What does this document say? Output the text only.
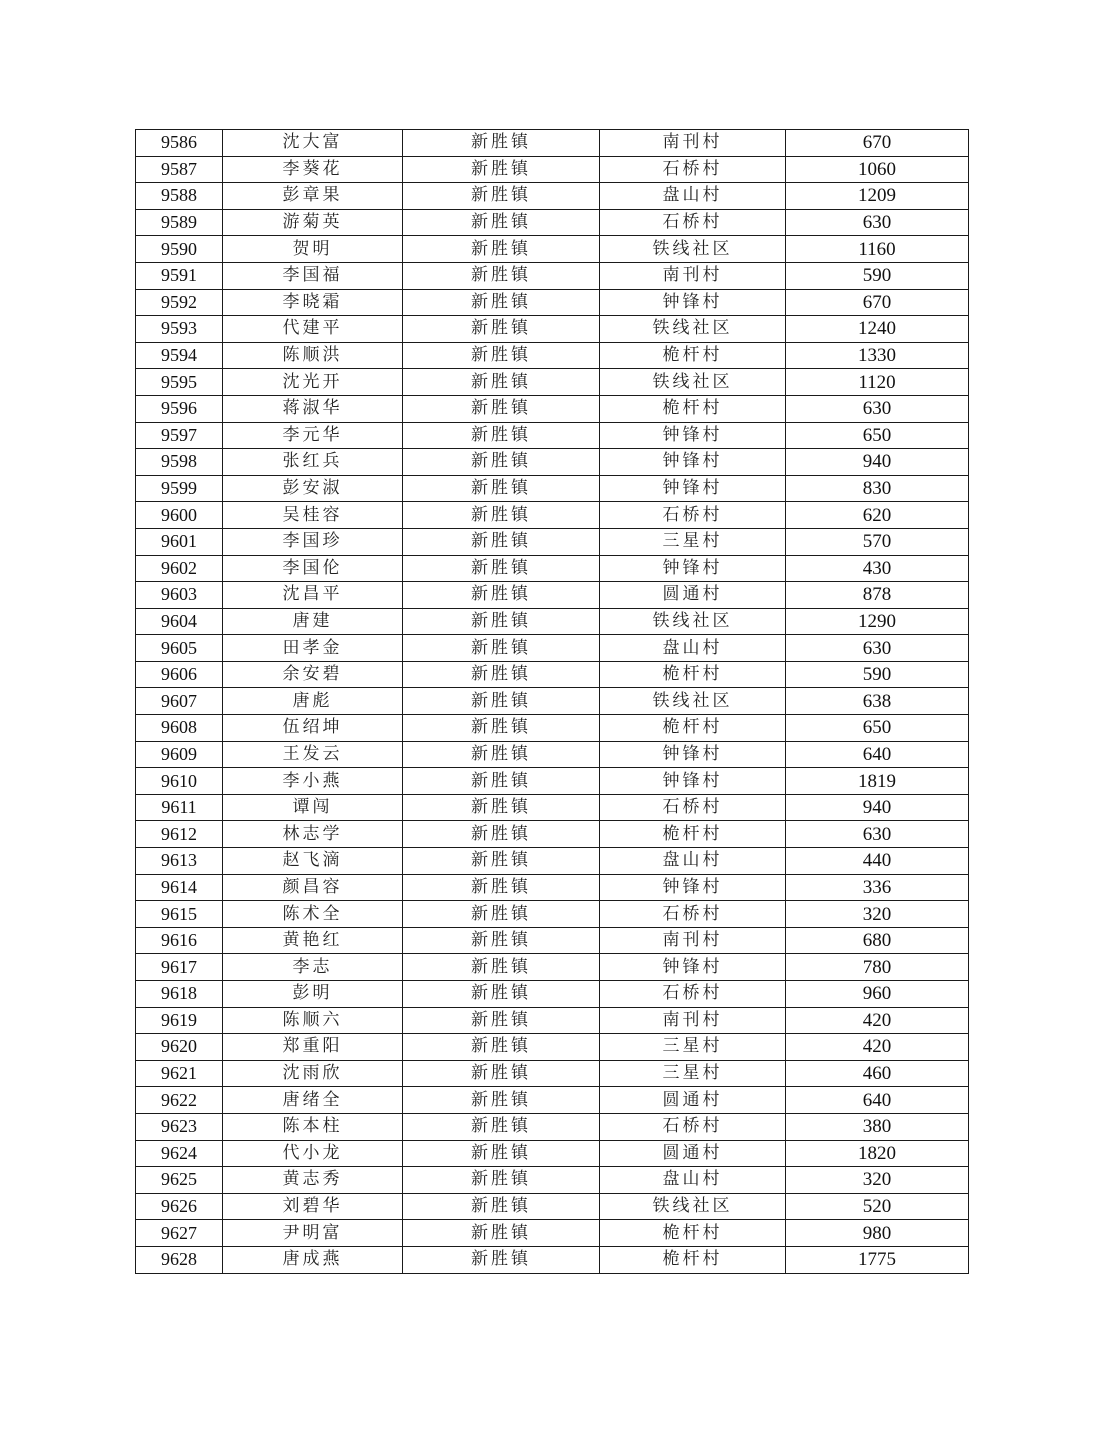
9586	沈大富	新胜镇	南刊村	670
9587	李葵花	新胜镇	石桥村	1060
9588	彭章果	新胜镇	盘山村	1209
9589	游菊英	新胜镇	石桥村	630
9590	贺明	新胜镇	铁线社区	1160
9591	李国福	新胜镇	南刊村	590
9592	李晓霜	新胜镇	钟锋村	670
9593	代建平	新胜镇	铁线社区	1240
9594	陈顺洪	新胜镇	桅杆村	1330
9595	沈光开	新胜镇	铁线社区	1120
9596	蒋淑华	新胜镇	桅杆村	630
9597	李元华	新胜镇	钟锋村	650
9598	张红兵	新胜镇	钟锋村	940
9599	彭安淑	新胜镇	钟锋村	830
9600	吴桂容	新胜镇	石桥村	620
9601	李国珍	新胜镇	三星村	570
9602	李国伦	新胜镇	钟锋村	430
9603	沈昌平	新胜镇	圆通村	878
9604	唐建	新胜镇	铁线社区	1290
9605	田孝金	新胜镇	盘山村	630
9606	余安碧	新胜镇	桅杆村	590
9607	唐彪	新胜镇	铁线社区	638
9608	伍绍坤	新胜镇	桅杆村	650
9609	王发云	新胜镇	钟锋村	640
9610	李小燕	新胜镇	钟锋村	1819
9611	谭闯	新胜镇	石桥村	940
9612	林志学	新胜镇	桅杆村	630
9613	赵飞滴	新胜镇	盘山村	440
9614	颜昌容	新胜镇	钟锋村	336
9615	陈术全	新胜镇	石桥村	320
9616	黄艳红	新胜镇	南刊村	680
9617	李志	新胜镇	钟锋村	780
9618	彭明	新胜镇	石桥村	960
9619	陈顺六	新胜镇	南刊村	420
9620	郑重阳	新胜镇	三星村	420
9621	沈雨欣	新胜镇	三星村	460
9622	唐绪全	新胜镇	圆通村	640
9623	陈本柱	新胜镇	石桥村	380
9624	代小龙	新胜镇	圆通村	1820
9625	黄志秀	新胜镇	盘山村	320
9626	刘碧华	新胜镇	铁线社区	520
9627	尹明富	新胜镇	桅杆村	980
9628	唐成燕	新胜镇	桅杆村	1775
